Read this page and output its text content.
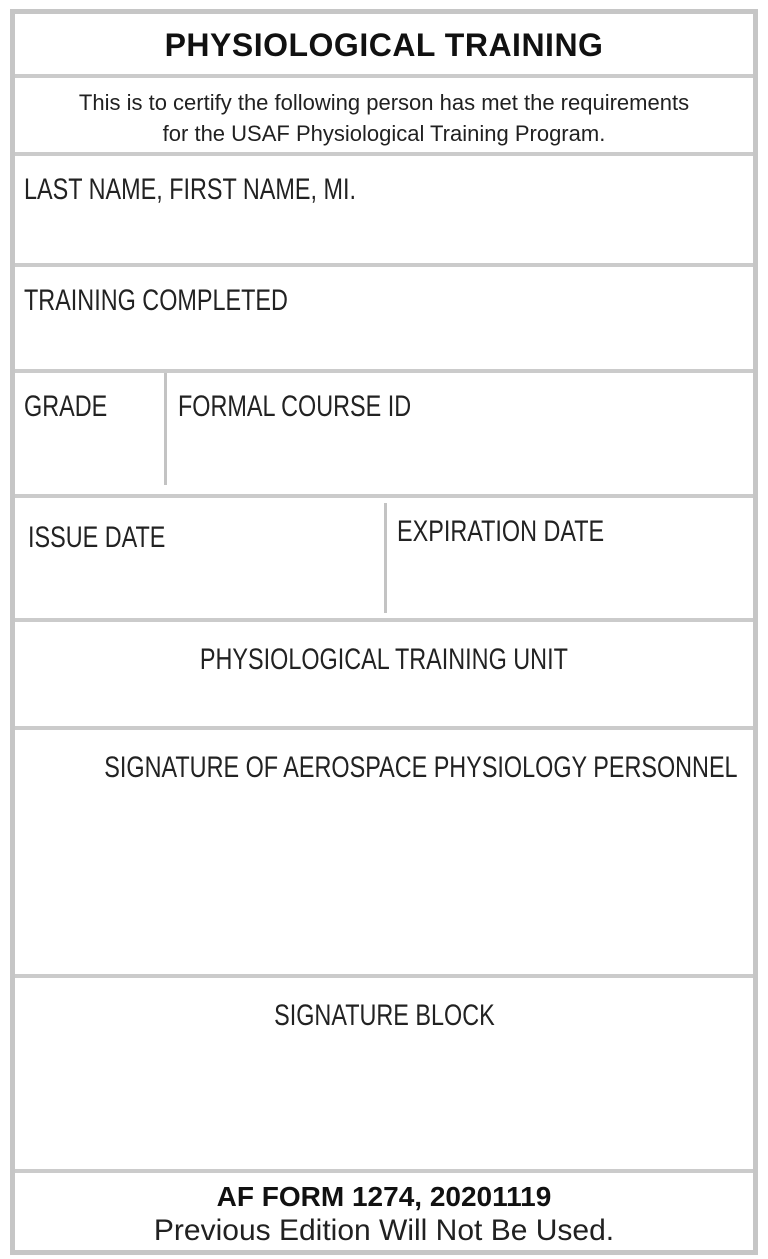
PHYSIOLOGICAL TRAINING
This is to certify the following person has met the requirements
for the USAF Physiological Training Program.
LAST NAME, FIRST NAME, MI.
TRAINING COMPLETED
GRADE	FORMAL COURSE ID
ISSUE DATE	EXPIRATION DATE
PHYSIOLOGICAL TRAINING UNIT
SIGNATURE OF AEROSPACE PHYSIOLOGY PERSONNEL
SIGNATURE BLOCK
AF FORM 1274, 20201119
Previous Edition Will Not Be Used.
